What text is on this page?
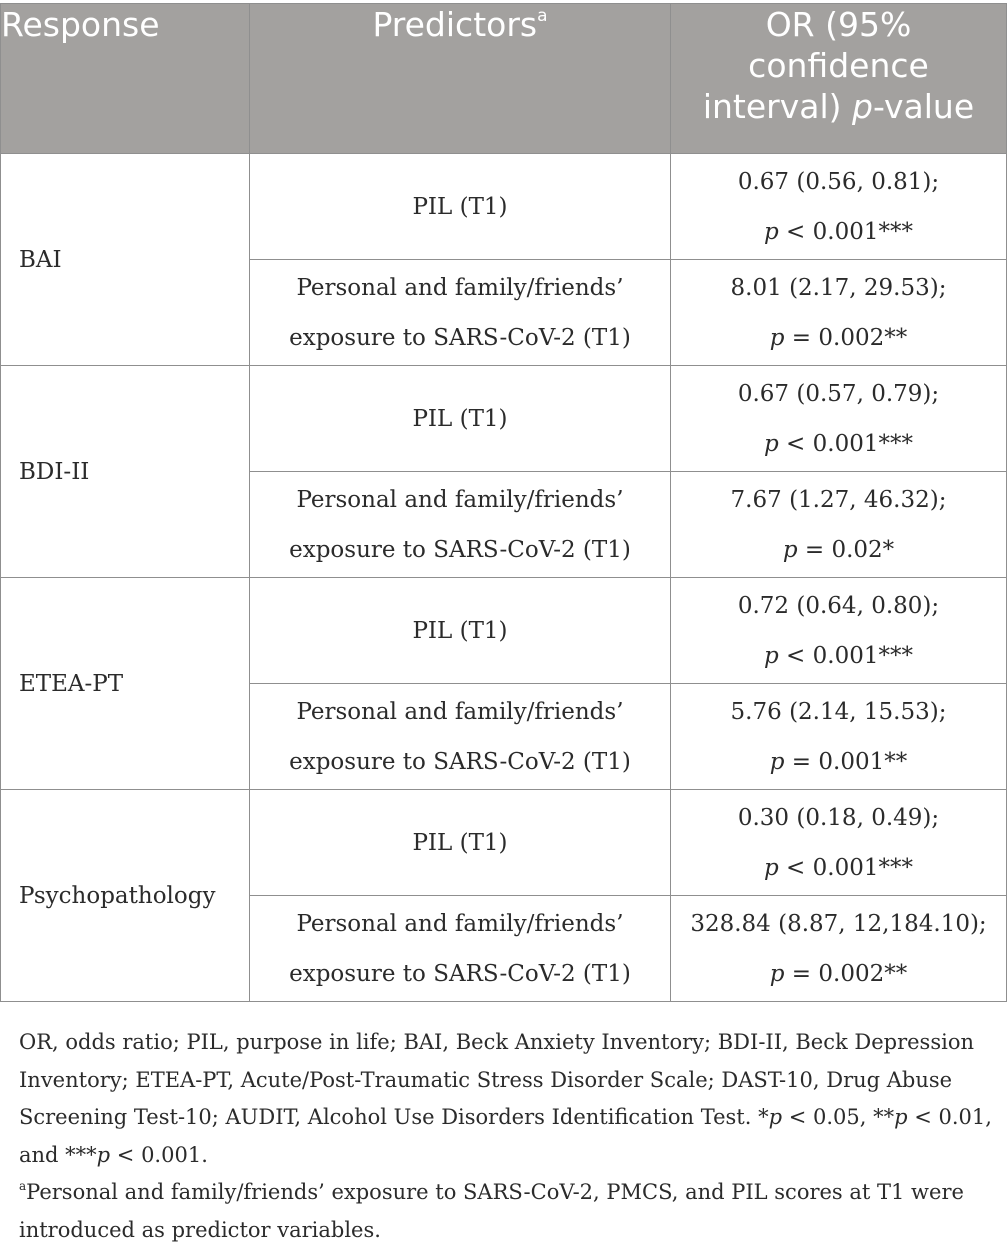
Response	Predictors$^a$	OR (95%
confidence
interval) p-value
BAI	PIL (T1)	0.67 (0.56, 0.81);
p < 0.001***

	Personal and family/friends’
exposure to SARS-CoV-2 (T1)	8.01 (2.17, 29.53);
p = 0.002**

BDI-II	PIL (T1)	0.67 (0.57, 0.79);
p < 0.001***

	Personal and family/friends’
exposure to SARS-CoV-2 (T1)	7.67 (1.27, 46.32);
p = 0.02*

ETEA-PT	PIL (T1)	0.72 (0.64, 0.80);
p < 0.001***

	Personal and family/friends’
exposure to SARS-CoV-2 (T1)	5.76 (2.14, 15.53);
p = 0.001**

Psychopathology	PIL (T1)	0.30 (0.18, 0.49);
p < 0.001***

	Personal and family/friends’
exposure to SARS-CoV-2 (T1)	328.84 (8.87, 12,184.10);
p = 0.002**

OR, odds ratio; PIL, purpose in life; BAI, Beck Anxiety Inventory; BDI-II, Beck Depression Inventory; ETEA-PT, Acute/Post-Traumatic Stress Disorder Scale; DAST-10, Drug Abuse Screening Test-10; AUDIT, Alcohol Use Disorders Identification Test. *p < 0.05, **p < 0.01, and ***p < 0.001.

$^a$Personal and family/friends’ exposure to SARS-CoV-2, PMCS, and PIL scores at T1 were introduced as predictor variables.
